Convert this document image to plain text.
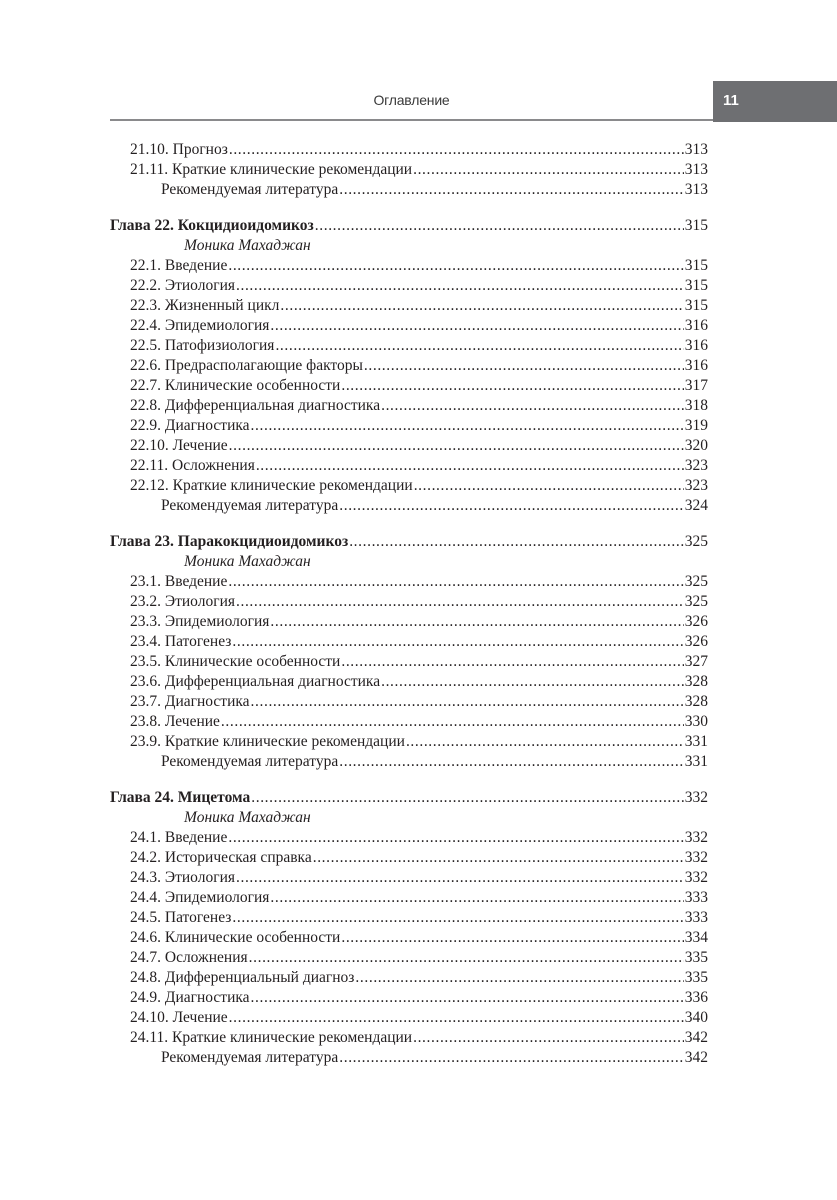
Оглавление	11
21.10. Прогноз .....	313
21.11. Краткие клинические рекомендации .....	313
Рекомендуемая литература .....	313
Глава 22. Кокцидиоидомикоз .....	315
Моника Махаджан
22.1. Введение .....	315
22.2. Этиология .....	315
22.3. Жизненный цикл .....	315
22.4. Эпидемиология .....	316
22.5. Патофизиология .....	316
22.6. Предрасполагающие факторы .....	316
22.7. Клинические особенности .....	317
22.8. Дифференциальная диагностика .....	318
22.9. Диагностика .....	319
22.10. Лечение .....	320
22.11. Осложнения .....	323
22.12. Краткие клинические рекомендации .....	323
Рекомендуемая литература .....	324
Глава 23. Паракокцидиоидомикоз .....	325
Моника Махаджан
23.1. Введение .....	325
23.2. Этиология .....	325
23.3. Эпидемиология .....	326
23.4. Патогенез .....	326
23.5. Клинические особенности .....	327
23.6. Дифференциальная диагностика .....	328
23.7. Диагностика .....	328
23.8. Лечение .....	330
23.9. Краткие клинические рекомендации .....	331
Рекомендуемая литература .....	331
Глава 24. Мицетома .....	332
Моника Махаджан
24.1. Введение .....	332
24.2. Историческая справка .....	332
24.3. Этиология .....	332
24.4. Эпидемиология .....	333
24.5. Патогенез .....	333
24.6. Клинические особенности .....	334
24.7. Осложнения .....	335
24.8. Дифференциальный диагноз .....	335
24.9. Диагностика .....	336
24.10. Лечение .....	340
24.11. Краткие клинические рекомендации .....	342
Рекомендуемая литература .....	342
